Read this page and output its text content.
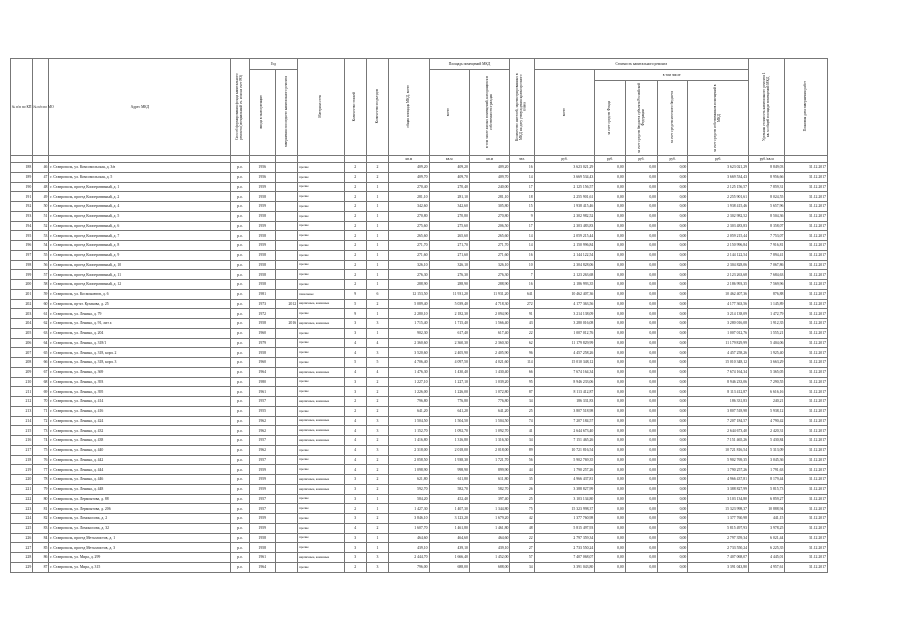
№ п/п по КП	№ п/п по МО	Адрес МКД	Способ формирования фонда капитального ремонта (специальный сч. или на счет РО)	Год		Материал стен	Количество этажей	Количество подъездов	общая площадь МКД, всего	Площадь помещений МКД		Количество жителей, зарегистрированных в МКД на дату утверждения краткосрочного плана	Стоимость капитального ремонта					Удельная стоимость капитального ремонта 1 кв. м общей площади помещений МКД	Плановая дата завершения работ
				ввода в эксплуатацию	завершения последнего капитального ремонта					всего	в том числе жилых помещений, находящихся в собственности граждан		всего	в том числе					
														за счет средств Фонда	за счет средств бюджета субъекта Российской Федерации	за счет средств местного бюджета	за счет средств собственников помещений в МКД		
									кв.м	кв.м	кв.м	чел.	руб.	руб.	руб.	руб.	руб.	руб./кв.м	
188	46	г. Ставрополь, ул. Комсомольская, д. 3/в	р.о.	1956		прочие	2	2	409,20	409,20	409,20	16	3 623 021,29	0,00	0,00	0,00	3 623 021,29	8 849,03	31.12.2017
189	47	г. Ставрополь, ул. Комсомольская, д. 5	р.о.	1956		прочие	2	2	409,70	409,70	409,70	14	3 669 534,43	0,00	0,00	0,00	3 669 534,43	8 956,66	31.12.2017
190	48	г. Ставрополь, проезд Кооперативный, д. 1	р.о.	1959		прочие	2	1	270,40	270,40	240,00	17	2 125 156,57	0,00	0,00	0,00	2 125 156,57	7 859,31	31.12.2017
191	49	г. Ставрополь, проезд Кооперативный, д. 2	р.о.	1958		прочие	2	1	281,10	281,10	281,10	18	2 255 901,61	0,00	0,00	0,00	2 255 901,61	8 024,55	31.12.2017
192	50	г. Ставрополь, проезд Кооперативный, д. 4	р.о.	1959		прочие	2	1	342,60	342,60	305,80	15	1 938 415,46	0,00	0,00	0,00	1 938 415,46	5 657,96	31.12.2017
193	51	г. Ставрополь, проезд Кооперативный, д. 5	р.о.	1958		прочие	2	1	270,80	270,80	270,80	9	2 302 982,52	0,00	0,00	0,00	2 302 982,52	8 504,36	31.12.2017
194	52	г. Ставрополь, проезд Кооперативный, д. 6	р.о.	1959		прочие	2	1	275,60	275,60	206,50	17	2 303 483,83	0,00	0,00	0,00	2 303 483,83	8 358,07	31.12.2017
195	53	г. Ставрополь, проезд Кооперативный, д. 7	р.о.	1958		прочие	2	1	265,60	265,60	265,60	14	2 059 215,44	0,00	0,00	0,00	2 059 215,44	7 753,07	31.12.2017
196	54	г. Ставрополь, проезд Кооперативный, д. 8	р.о.	1959		прочие	2	1	271,70	271,70	271,70	14	2 150 996,84	0,00	0,00	0,00	2 150 996,84	7 916,81	31.12.2017
197	55	г. Ставрополь, проезд Кооперативный, д. 9	р.о.	1958		прочие	2	1	271,60	271,60	271,60	16	2 144 122,54	0,00	0,00	0,00	2 144 122,54	7 894,41	31.12.2017
198	56	г. Ставрополь, проезд Кооперативный, д. 10	р.о.	1958		прочие	2	1	326,10	326,10	326,10	10	2 304 828,06	0,00	0,00	0,00	2 304 828,06	7 067,86	31.12.2017
199	57	г. Ставрополь, проезд Кооперативный, д. 11	р.о.	1958		прочие	2	1	276,30	276,30	276,30	7	2 123 263,68	0,00	0,00	0,00	2 123 263,68	7 684,63	31.12.2017
200	58	г. Ставрополь, проезд Кооперативный, д. 12	р.о.	1958		прочие	2	1	288,90	288,90	288,90	16	2 186 993,35	0,00	0,00	0,00	2 186 993,35	7 569,96	31.12.2017
201	59	г. Ставрополь, ул. Космонавтов, д. 6	р.о.	1981		панельные	9	6	12 153,50	11 931,20	11 931,20	641	10 462 407,36	0,00	0,00	0,00	10 462 407,36	876,88	31.12.2017
202	60	г. Ставрополь, пр-кт. Кулакова, д. 25	р.о.	1973	2012	кирпичные, каменные	5	2	5 089,40	5 039,40	4 718,30	272	4 177 363,56	0,00	0,00	0,00	4 177 363,56	1 145,89	31.12.2017
203	61	г. Ставрополь, ул. Ленина, д. 79	р.о.	1972		прочие	9	1	2 280,10	2 182,30	2 094,90	91	3 214 138,09	0,00	0,00	0,00	3 214 138,09	1 472,79	31.12.2017
204	62	г. Ставрополь, ул. Ленина, д. 91, лит а	р.о.	1958	2016	кирпичные, каменные	3	3	1 715,40	1 715,40	1 566,40	43	3 280 016,08	0,00	0,00	0,00	3 280 016,08	1 912,35	31.12.2017
205	63	г. Ставрополь, ул. Ленина, д. 204	р.о.	1960		прочие	3	1	902,30	617,40	617,40	22	1 007 012,76	0,00	0,00	0,00	1 007 012,76	1 555,21	31.12.2017
206	64	г. Ставрополь, ул. Ленина, д. 318/1	р.о.	1979		прочие	4	4	2 360,60	2 360,30	2 360,30	62	11 179 829,99	0,00	0,00	0,00	11 179 829,99	5 404,06	31.12.2017
207	65	г. Ставрополь, ул. Ленина, д. 318, корп. 2	р.о.	1958		прочие	4	3	3 520,60	2 405,90	2 405,90	96	4 457 258,26	0,00	0,00	0,00	4 457 258,26	1 925,40	31.12.2017
208	66	г. Ставрополь, ул. Ленина, д. 318, корп. 3	р.о.	1960		прочие	5	5	4 706,40	4 097,50	4 021,60	114	15 010 348,12	0,00	0,00	0,00	15 010 348,12	3 663,29	31.12.2017
209	67	г. Ставрополь, ул. Ленина, д. 369	р.о.	1964		кирпичные, каменные	4	4	1 476,30	1 430,40	1 430,40	66	7 674 164,34	0,00	0,00	0,00	7 674 164,34	5 365,05	31.12.2017
210	68	г. Ставрополь, ул. Ленина, д. 393	р.о.	1980		прочие	3	2	1 227,10	1 227,10	1 039,20	95	8 946 233,06	0,00	0,00	0,00	8 946 233,06	7 290,55	31.12.2017
211	69	г. Ставрополь, ул. Ленина, д. 395	р.о.	1961		прочие	3	2	1 226,00	1 226,00	1 072,80	87	8 113 412,87	0,00	0,00	0,00	8 113 412,87	6 616,16	31.12.2017
212	70	г. Ставрополь, ул. Ленина, д. 414	р.о.	1957		кирпичные, каменные	2	2	796,80	776,80	776,80	34	186 331,83	0,00	0,00	0,00	186 331,83	240,21	31.12.2017
213	71	г. Ставрополь, ул. Ленина, д. 416	р.о.	1955		прочие	2	2	641,20	641,20	641,20	25	3 807 518,98	0,00	0,00	0,00	3 807 518,98	5 938,12	31.12.2017
214	72	г. Ставрополь, ул. Ленина, д. 424	р.о.	1962		кирпичные, каменные	4	3	1 504,50	1 504,50	1 504,50	74	7 207 184,57	0,00	0,00	0,00	7 207 184,57	4 790,42	31.12.2017
215	73	г. Ставрополь, ул. Ленина, д. 432	р.о.	1962		кирпичные, каменные	4	3	1 152,70	1 092,70	1 092,70	41	2 644 673,40	0,00	0,00	0,00	2 644 673,40	2 420,31	31.12.2017
216	74	г. Ставрополь, ул. Ленина, д. 438	р.о.	1957		кирпичные, каменные	4	2	1 416,80	1 316,80	1 316,30	34	7 151 465,26	0,00	0,00	0,00	7 151 465,26	5 430,84	31.12.2017
217	75	г. Ставрополь, ул. Ленина, д. 440	р.о.	1962		прочие	4	3	2 318,00	2 018,00	2 018,00	89	10 721 816,54	0,00	0,00	0,00	10 721 816,54	5 313,09	31.12.2017
218	76	г. Ставрополь, ул. Ленина, д. 442	р.о.	1957		прочие	4	2	2 058,50	1 938,30	1 721,70	56	5 902 769,35	0,00	0,00	0,00	5 902 769,35	3 045,36	31.12.2017
219	77	г. Ставрополь, ул. Ленина, д. 444	р.о.	1959		прочие	4	2	1 098,90	998,90	899,90	44	1 790 257,26	0,00	0,00	0,00	1 790 257,26	1 791,63	31.12.2017
220	78	г. Ставрополь, ул. Ленина, д. 446	р.о.	1959		кирпичные, каменные	3	2	621,80	611,80	611,80	35	4 966 437,81	0,00	0,00	0,00	4 966 437,81	8 179,44	31.12.2017
221	79	г. Ставрополь, ул. Ленина, д. 448	р.о.	1959		кирпичные, каменные	3	2	592,70	582,70	582,70	26	3 388 827,99	0,00	0,00	0,00	3 388 827,99	5 815,73	31.12.2017
222	80	г. Ставрополь, ул. Лермонтова, д. 88	р.о.	1957		прочие	3	1	584,20	452,40	397,40	25	3 103 134,80	0,00	0,00	0,00	3 103 134,80	6 859,27	31.12.2017
223	81	г. Ставрополь, ул. Лермонтова, д. 206	р.о.	1957		прочие	2	1	1 427,30	1 407,30	1 344,80	75	15 323 998,37	0,00	0,00	0,00	15 323 998,37	10 888,94	31.12.2017
224	82	г. Ставрополь, ул. Ломоносова, д. 2	р.о.	1959		прочие	3	2	3 846,10	3 123,20	1 679,20	42	1 377 760,98	0,00	0,00	0,00	1 377 760,98	441,15	31.12.2017
225	83	г. Ставрополь, ул. Ломоносова, д. 32	р.о.	1959		прочие	4	2	1 607,70	1 461,80	1 461,80	48	5 815 497,93	0,00	0,00	0,00	5 815 497,93	3 978,25	31.12.2017
226	84	г. Ставрополь, проезд Металлистов, д. 1	р.о.	1958		прочие	3	1	464,60	464,60	464,60	22	2 797 359,34	0,00	0,00	0,00	2 797 359,34	6 021,44	31.12.2017
227	85	г. Ставрополь, проезд Металлистов, д. 3	р.о.	1958		прочие	3	1	439,10	439,10	439,10	27	2 733 550,24	0,00	0,00	0,00	2 733 550,24	6 225,35	31.12.2017
228	86	г. Ставрополь, ул. Мира, д. 299	р.о.	1961		кирпичные, каменные	3	3	2 444,70	1 666,40	1 452,00	57	7 407 068,07	0,00	0,00	0,00	7 407 068,07	4 445,01	31.12.2017
229	87	г. Ставрополь, ул. Мира, д. 315	р.о.	1964		прочие	2	3	796,00	688,00	688,00	34	3 391 043,80	0,00	0,00	0,00	3 391 043,80	4 957,61	31.12.2017
